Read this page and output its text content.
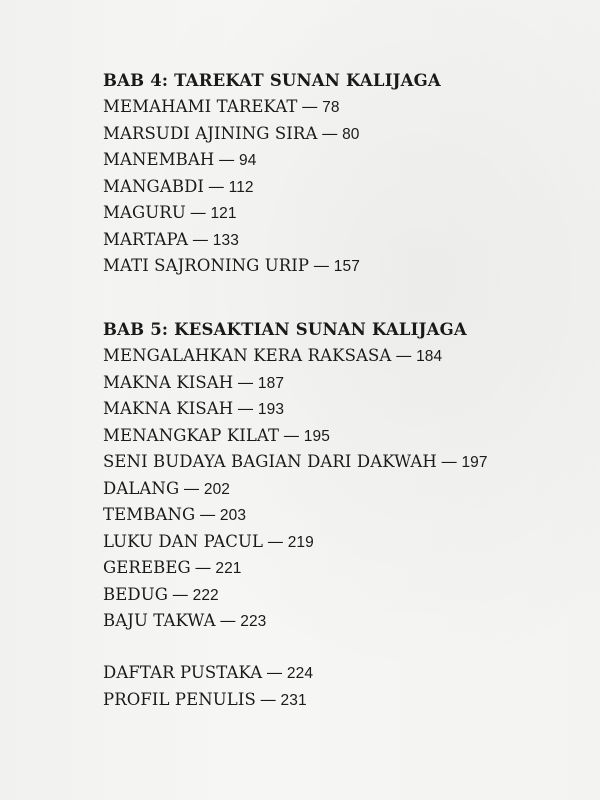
BAB 4: TAREKAT SUNAN KALIJAGA
MEMAHAMI TAREKAT — 78
MARSUDI AJINING SIRA — 80
MANEMBAH — 94
MANGABDI — 112
MAGURU — 121
MARTAPA — 133
MATI SAJRONING URIP — 157
BAB 5: KESAKTIAN SUNAN KALIJAGA
MENGALAHKAN KERA RAKSASA — 184
MAKNA KISAH — 187
MAKNA KISAH — 193
MENANGKAP KILAT — 195
SENI BUDAYA BAGIAN DARI DAKWAH — 197
DALANG — 202
TEMBANG — 203
LUKU DAN PACUL — 219
GEREBEG — 221
BEDUG — 222
BAJU TAKWA — 223
DAFTAR PUSTAKA — 224
PROFIL PENULIS — 231
